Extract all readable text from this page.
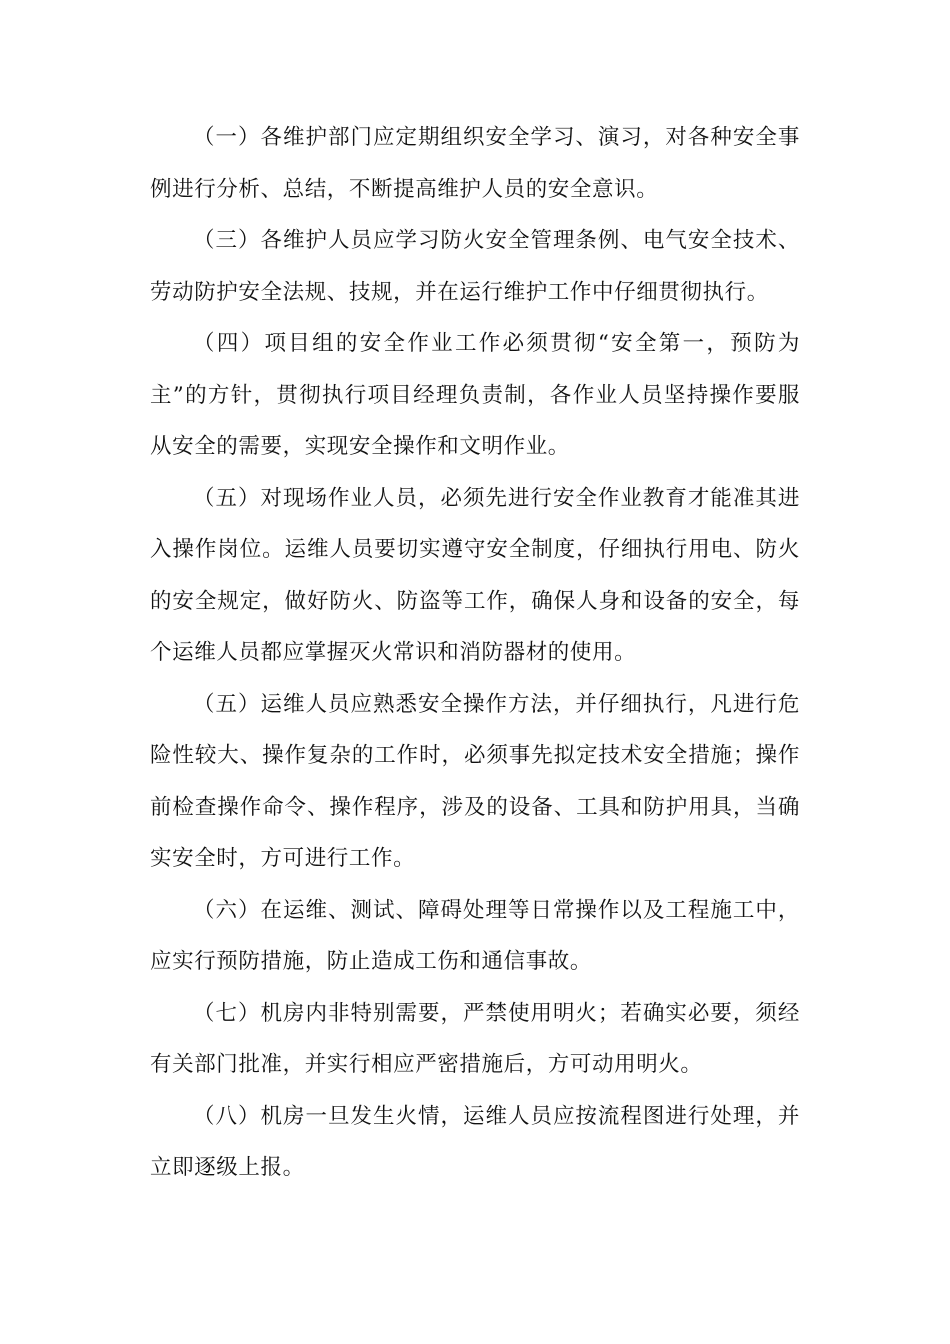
（一）各维护部门应定期组织安全学习、演习，对各种安全事例进行分析、总结，不断提高维护人员的安全意识。

（三）各维护人员应学习防火安全管理条例、电气安全技术、劳动防护安全法规、技规，并在运行维护工作中仔细贯彻执行。

（四）项目组的安全作业工作必须贯彻“安全第一，预防为主”的方针，贯彻执行项目经理负责制，各作业人员坚持操作要服从安全的需要，实现安全操作和文明作业。

（五）对现场作业人员，必须先进行安全作业教育才能准其进入操作岗位。运维人员要切实遵守安全制度，仔细执行用电、防火的安全规定，做好防火、防盗等工作，确保人身和设备的安全，每个运维人员都应掌握灭火常识和消防器材的使用。

（五）运维人员应熟悉安全操作方法，并仔细执行，凡进行危险性较大、操作复杂的工作时，必须事先拟定技术安全措施；操作前检查操作命令、操作程序，涉及的设备、工具和防护用具，当确实安全时，方可进行工作。

（六）在运维、测试、障碍处理等日常操作以及工程施工中，应实行预防措施，防止造成工伤和通信事故。

（七）机房内非特别需要，严禁使用明火；若确实必要，须经有关部门批准，并实行相应严密措施后，方可动用明火。

（八）机房一旦发生火情，运维人员应按流程图进行处理，并立即逐级上报。
